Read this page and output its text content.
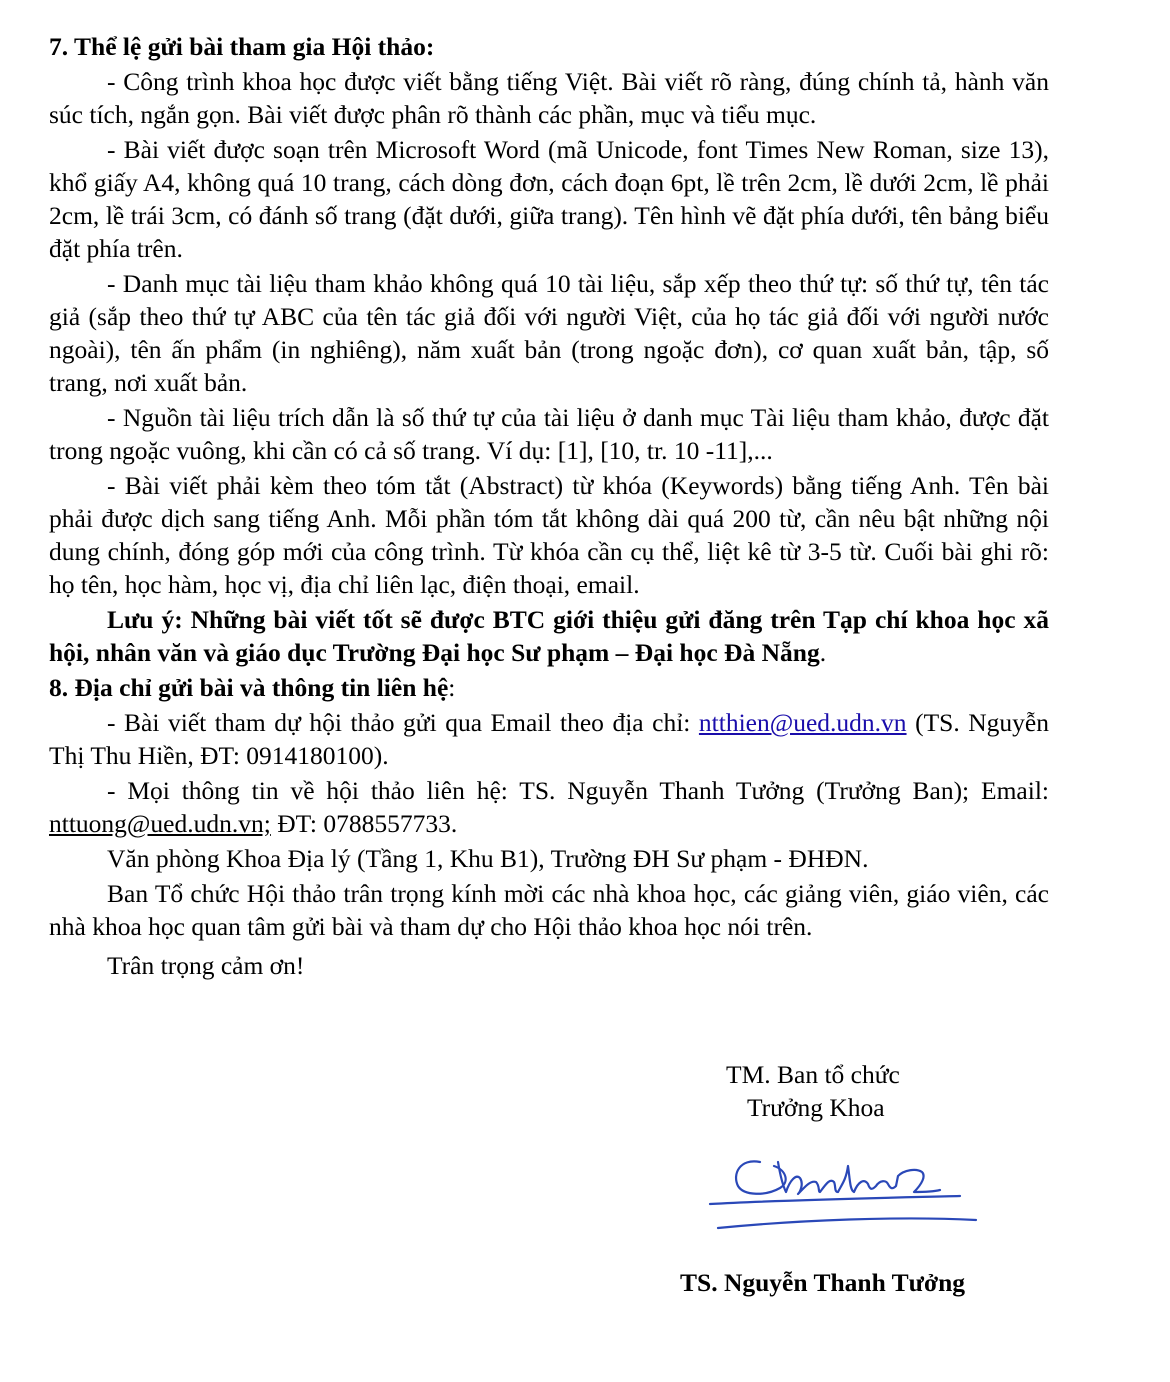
7. Thể lệ gửi bài tham gia Hội thảo:

- Công trình khoa học được viết bằng tiếng Việt. Bài viết rõ ràng, đúng chính tả, hành văn súc tích, ngắn gọn. Bài viết được phân rõ thành các phần, mục và tiểu mục.

- Bài viết được soạn trên Microsoft Word (mã Unicode, font Times New Roman, size 13), khổ giấy A4, không quá 10 trang, cách dòng đơn, cách đoạn 6pt, lề trên 2cm, lề dưới 2cm, lề phải 2cm, lề trái 3cm, có đánh số trang (đặt dưới, giữa trang). Tên hình vẽ đặt phía dưới, tên bảng biểu đặt phía trên.

- Danh mục tài liệu tham khảo không quá 10 tài liệu, sắp xếp theo thứ tự: số thứ tự, tên tác giả (sắp theo thứ tự ABC của tên tác giả đối với người Việt, của họ tác giả đối với người nước ngoài), tên ấn phẩm (in nghiêng), năm xuất bản (trong ngoặc đơn), cơ quan xuất bản, tập, số trang, nơi xuất bản.

- Nguồn tài liệu trích dẫn là số thứ tự của tài liệu ở danh mục Tài liệu tham khảo, được đặt trong ngoặc vuông, khi cần có cả số trang. Ví dụ: [1], [10, tr. 10 -11],...

- Bài viết phải kèm theo tóm tắt (Abstract) từ khóa (Keywords) bằng tiếng Anh. Tên bài phải được dịch sang tiếng Anh. Mỗi phần tóm tắt không dài quá 200 từ, cần nêu bật những nội dung chính, đóng góp mới của công trình. Từ khóa cần cụ thể, liệt kê từ 3-5 từ. Cuối bài ghi rõ: họ tên, học hàm, học vị, địa chỉ liên lạc, điện thoại, email.

Lưu ý: Những bài viết tốt sẽ được BTC giới thiệu gửi đăng trên Tạp chí khoa học xã hội, nhân văn và giáo dục Trường Đại học Sư phạm – Đại học Đà Nẵng.

8. Địa chỉ gửi bài và thông tin liên hệ:

- Bài viết tham dự hội thảo gửi qua Email theo địa chỉ: ntthien@ued.udn.vn (TS. Nguyễn Thị Thu Hiền, ĐT: 0914180100).

- Mọi thông tin về hội thảo liên hệ: TS. Nguyễn Thanh Tưởng (Trưởng Ban); Email: nttuong@ued.udn.vn; ĐT: 0788557733.

Văn phòng Khoa Địa lý (Tầng 1, Khu B1), Trường ĐH Sư phạm - ĐHĐN.

Ban Tổ chức Hội thảo trân trọng kính mời các nhà khoa học, các giảng viên, giáo viên, các nhà khoa học quan tâm gửi bài và tham dự cho Hội thảo khoa học nói trên.

Trân trọng cảm ơn!

TM. Ban tổ chức
Trưởng Khoa
TS. Nguyễn Thanh Tưởng
